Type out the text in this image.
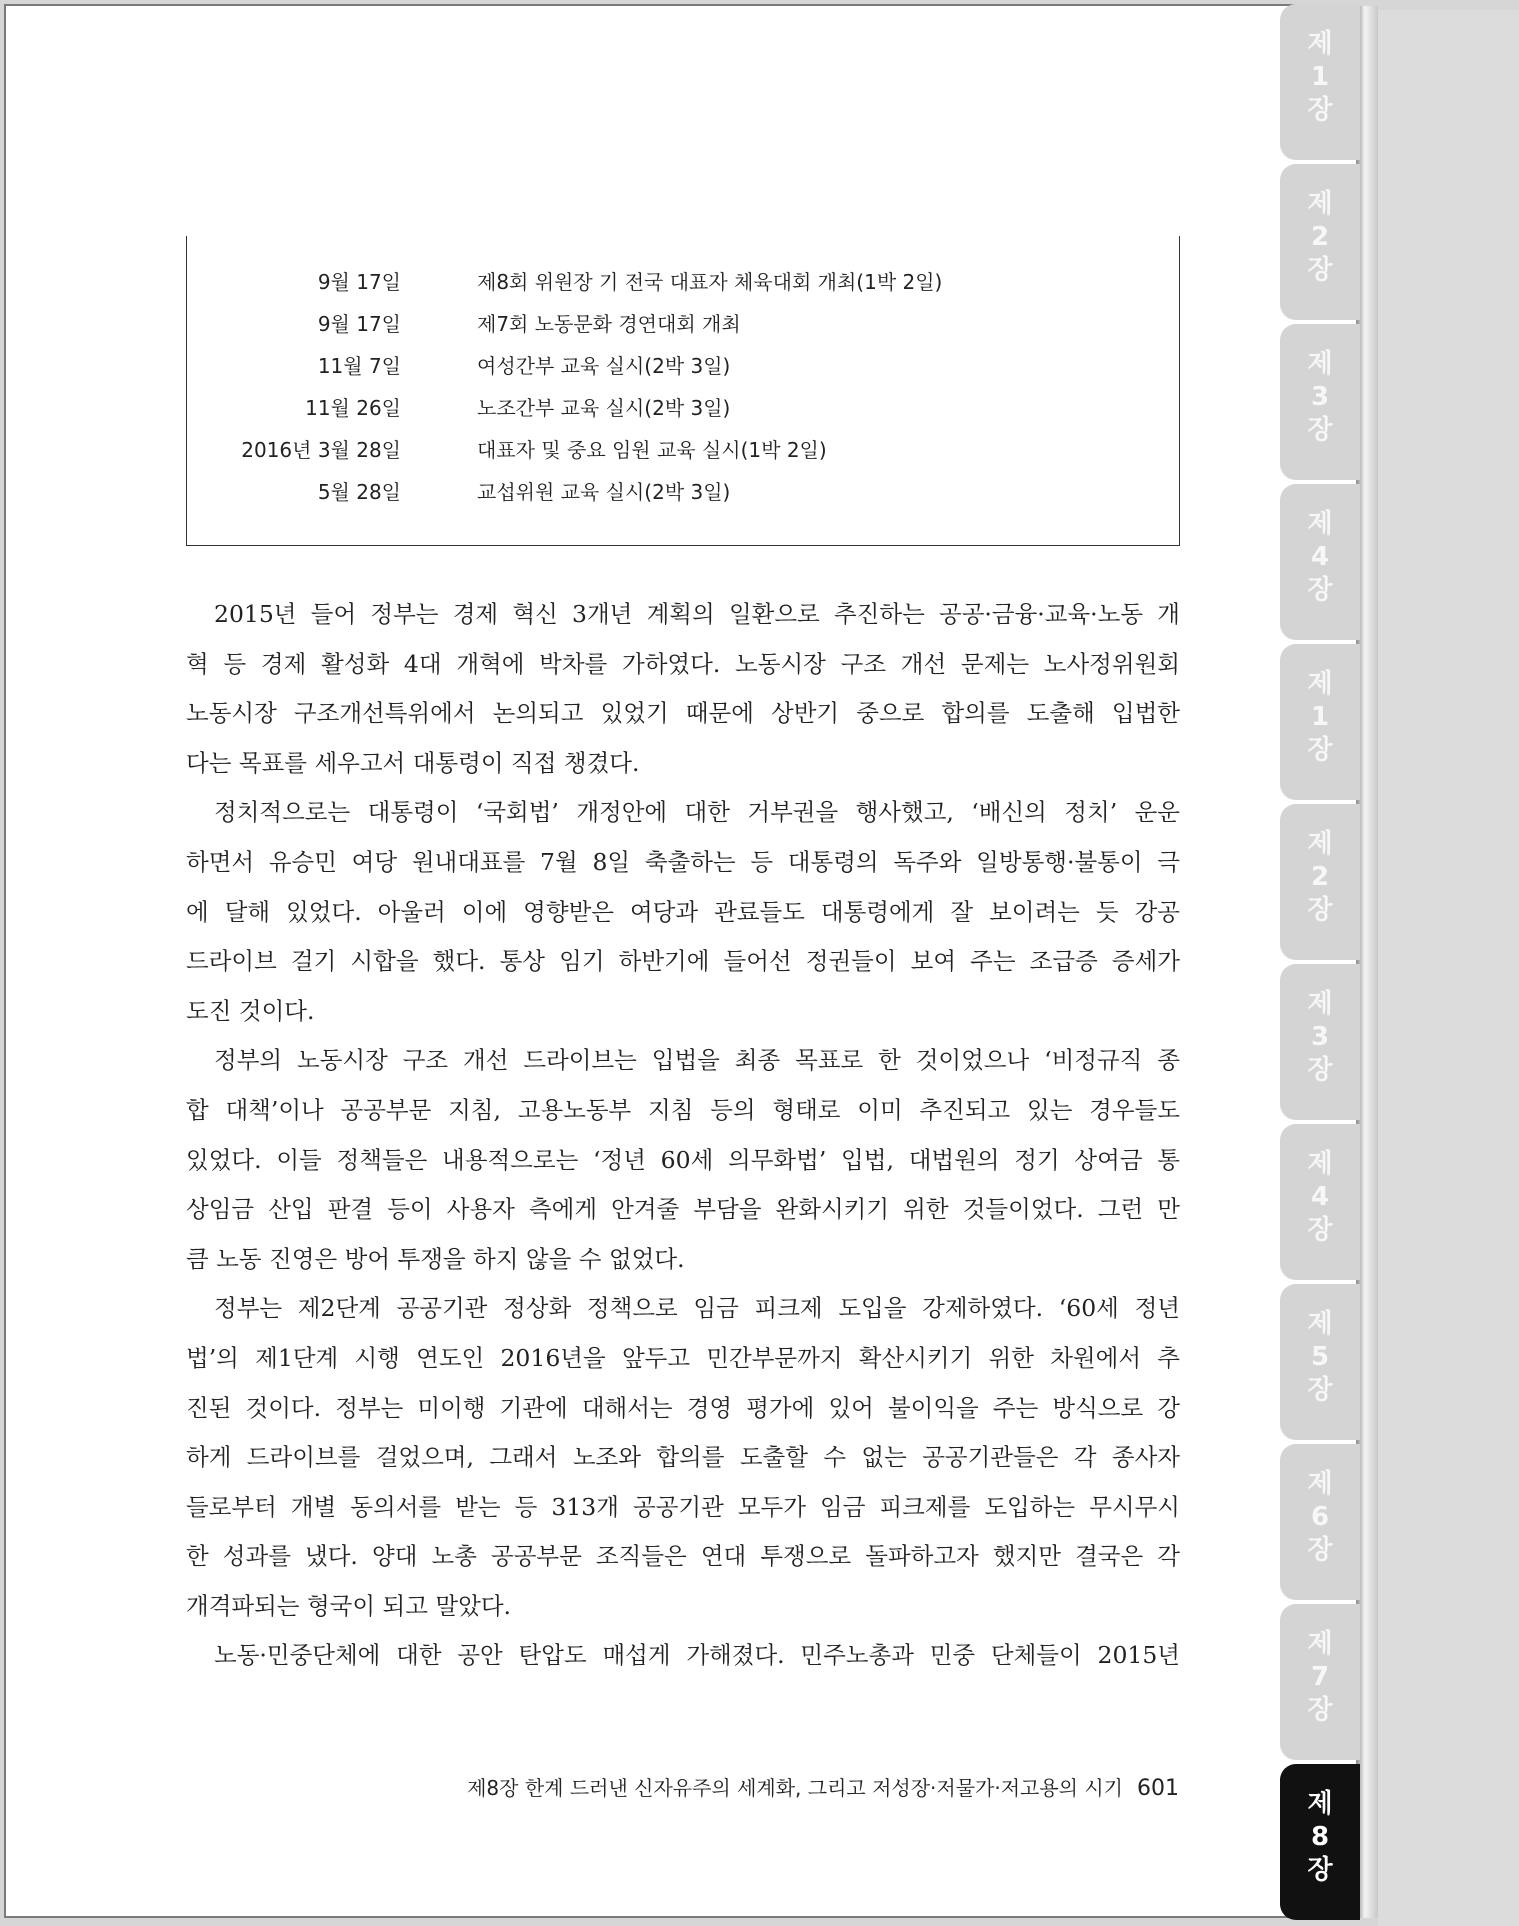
9월 17일	제8회 위원장 기 전국 대표자 체육대회 개최(1박 2일)
9월 17일	제7회 노동문화 경연대회 개최
11월 7일	여성간부 교육 실시(2박 3일)
11월 26일	노조간부 교육 실시(2박 3일)
2016년 3월 28일	대표자 및 중요 임원 교육 실시(1박 2일)
5월 28일	교섭위원 교육 실시(2박 3일)
2015년 들어 정부는 경제 혁신 3개년 계획의 일환으로 추진하는 공공·금융·교육·노동 개
혁 등 경제 활성화 4대 개혁에 박차를 가하였다. 노동시장 구조 개선 문제는 노사정위원회
노동시장 구조개선특위에서 논의되고 있었기 때문에 상반기 중으로 합의를 도출해 입법한
다는 목표를 세우고서 대통령이 직접 챙겼다.
정치적으로는 대통령이 ‘국회법’ 개정안에 대한 거부권을 행사했고, ‘배신의 정치’ 운운
하면서 유승민 여당 원내대표를 7월 8일 축출하는 등 대통령의 독주와 일방통행·불통이 극
에 달해 있었다. 아울러 이에 영향받은 여당과 관료들도 대통령에게 잘 보이려는 듯 강공
드라이브 걸기 시합을 했다. 통상 임기 하반기에 들어선 정권들이 보여 주는 조급증 증세가
도진 것이다.
정부의 노동시장 구조 개선 드라이브는 입법을 최종 목표로 한 것이었으나 ‘비정규직 종
합 대책’이나 공공부문 지침, 고용노동부 지침 등의 형태로 이미 추진되고 있는 경우들도
있었다. 이들 정책들은 내용적으로는 ‘정년 60세 의무화법’ 입법, 대법원의 정기 상여금 통
상임금 산입 판결 등이 사용자 측에게 안겨줄 부담을 완화시키기 위한 것들이었다. 그런 만
큼 노동 진영은 방어 투쟁을 하지 않을 수 없었다.
정부는 제2단계 공공기관 정상화 정책으로 임금 피크제 도입을 강제하였다. ‘60세 정년
법’의 제1단계 시행 연도인 2016년을 앞두고 민간부문까지 확산시키기 위한 차원에서 추
진된 것이다. 정부는 미이행 기관에 대해서는 경영 평가에 있어 불이익을 주는 방식으로 강
하게 드라이브를 걸었으며, 그래서 노조와 합의를 도출할 수 없는 공공기관들은 각 종사자
들로부터 개별 동의서를 받는 등 313개 공공기관 모두가 임금 피크제를 도입하는 무시무시
한 성과를 냈다. 양대 노총 공공부문 조직들은 연대 투쟁으로 돌파하고자 했지만 결국은 각
개격파되는 형국이 되고 말았다.
노동·민중단체에 대한 공안 탄압도 매섭게 가해졌다. 민주노총과 민중 단체들이 2015년
제8장 한계 드러낸 신자유주의 세계화, 그리고 저성장·저물가·저고용의 시기 601
제
1
장
제
2
장
제
3
장
제
4
장
제
1
장
제
2
장
제
3
장
제
4
장
제
5
장
제
6
장
제
7
장
제
8
장
